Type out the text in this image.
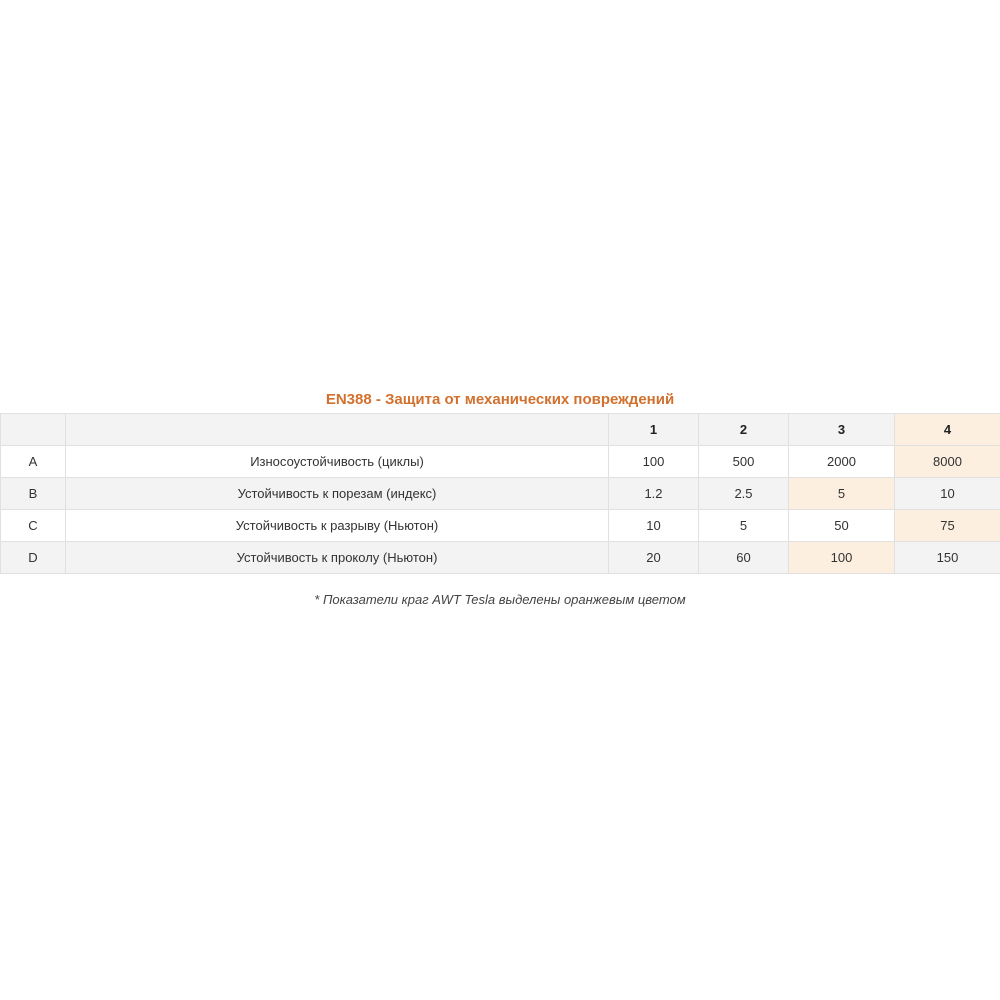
EN388 - Защита от механических повреждений
		1	2	3	4
A	Износоустойчивость (циклы)	100	500	2000	8000
B	Устойчивость к порезам (индекс)	1.2	2.5	5	10
C	Устойчивость к разрыву (Ньютон)	10	5	50	75
D	Устойчивость к проколу (Ньютон)	20	60	100	150
* Показатели краг AWT Tesla выделены оранжевым цветом
